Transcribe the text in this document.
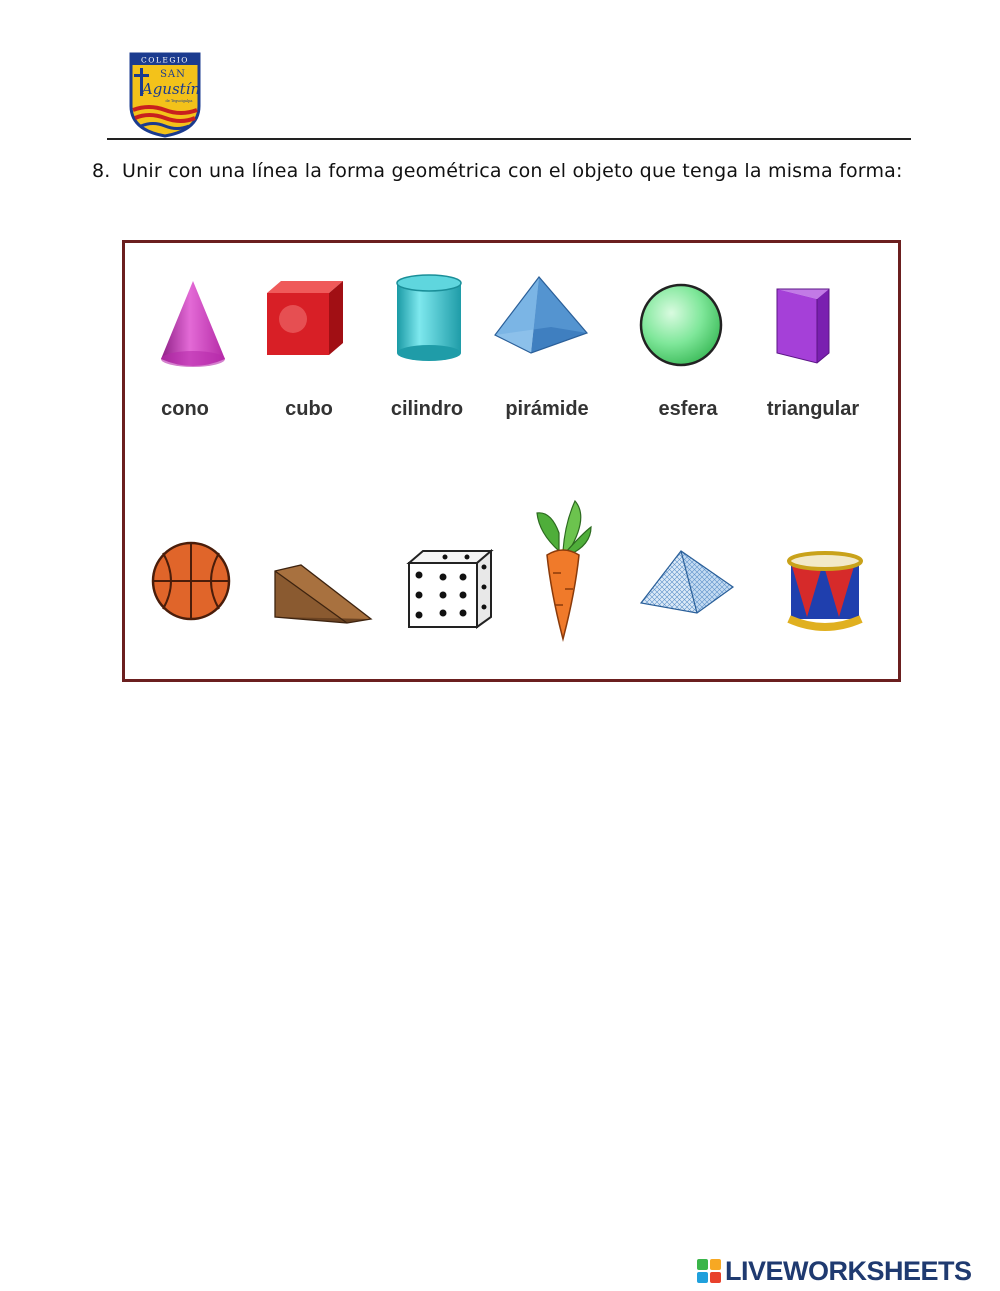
COLEGIO
SAN
Agustín
de Tegucigalpa
8. Unir con una línea la forma geométrica con el objeto que tenga la misma forma:
cono	cubo	cilindro	pirámide	esfera	triangular
LIVEWORKSHEETS
